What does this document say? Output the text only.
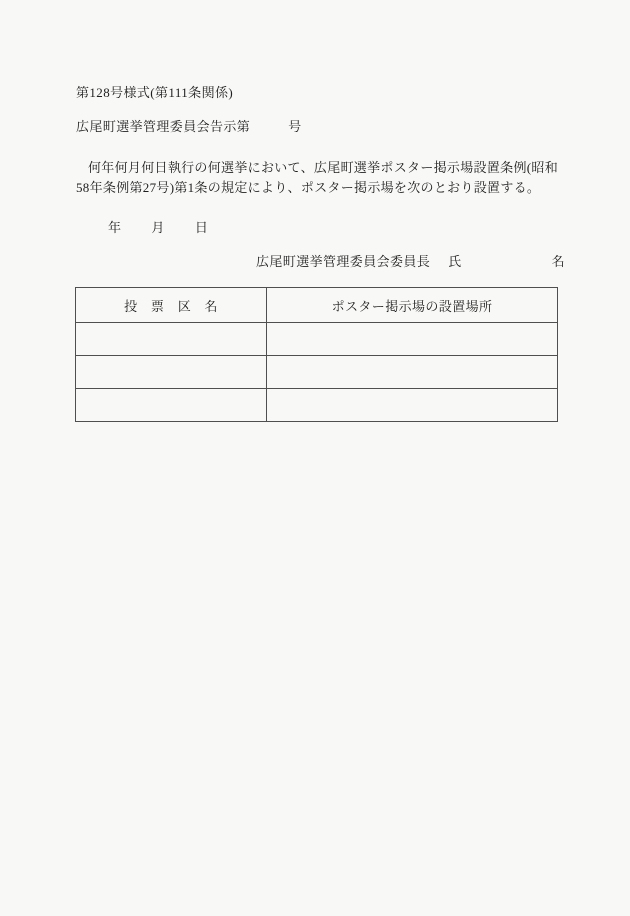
第128号様式(第111条関係)
広尾町選挙管理委員会告示第	号

何年何月何日執行の何選挙において、広尾町選挙ポスター掲示場設置条例(昭和58年条例第27号)第1条の規定により、ポスター掲示場を次のとおり設置する。

年 月 日
広尾町選挙管理委員会委員長 氏	名
投　票　区　名	ポスター掲示場の設置場所
